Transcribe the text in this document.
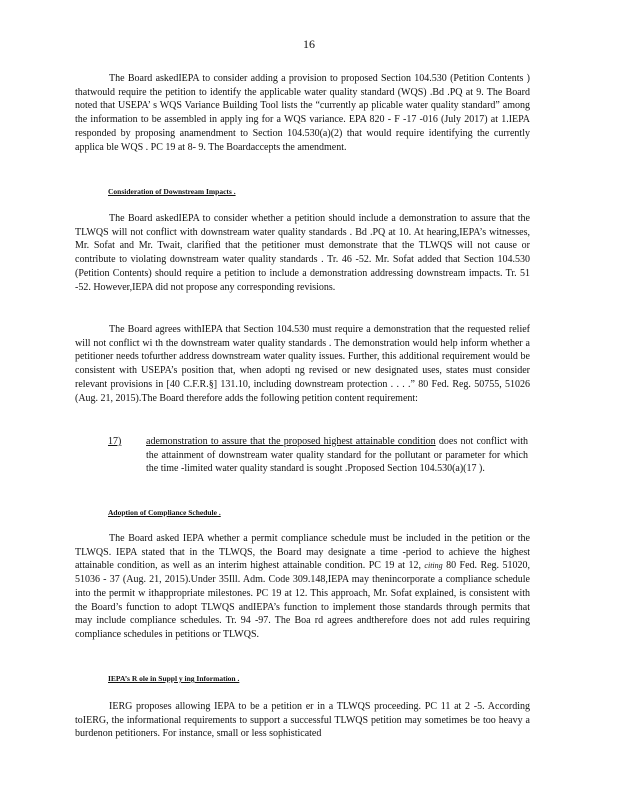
16
The Board askedIEPA to consider adding a provision to proposed Section 104.530 (Petition Contents ) thatwould require the petition to identify the applicable water quality standard (WQS) .Bd .PQ at 9. The Board noted that USEPA’ s WQS Variance Building Tool lists the “currently ap plicable water quality standard” among the information to be assembled in apply ing for a WQS variance. EPA 820 - F -17 -016 (July 2017) at 1.IEPA responded by proposing anamendment to Section 104.530(a)(2) that would require identifying the currently applica ble WQS . PC 19 at 8- 9. The Boardaccepts the amendment.
Consideration of Downstream Impacts .
The Board askedIEPA to consider whether a petition should include a demonstration to assure that the TLWQS will not conflict with downstream water quality standards . Bd .PQ at 10. At hearing,IEPA’s witnesses, Mr. Sofat and Mr. Twait, clarified that the petitioner must demonstrate that the TLWQS will not cause or contribute to violating downstream water quality standards . Tr. 46 -52. Mr. Sofat added that Section 104.530 (Petition Contents) should require a petition to include a demonstration addressing downstream impacts. Tr. 51 -52. However,IEPA did not propose any corresponding revisions.
The Board agrees withIEPA that Section 104.530 must require a demonstration that the requested relief will not conflict wi th the downstream water quality standards . The demonstration would help inform whether a petitioner needs tofurther address downstream water quality issues. Further, this additional requirement would be consistent with USEPA’s position that, when adopti ng revised or new designated uses, states must consider relevant provisions in [40 C.F.R.§] 131.10, including downstream protection . . . .” 80 Fed. Reg. 50755, 51026 (Aug. 21, 2015).The Board therefore adds the following petition content requirement:
17) ademonstration to assure that the proposed highest attainable condition does not conflict with the attainment of downstream water quality standard for the pollutant or parameter for which the time -limited water quality standard is sought .Proposed Section 104.530(a)(17 ).
Adoption of Compliance Schedule .
The Board asked IEPA whether a permit compliance schedule must be included in the petition or the TLWQS. IEPA stated that in the TLWQS, the Board may designate a time -period to achieve the highest attainable condition, as well as an interim highest attainable condition. PC 19 at 12, citing 80 Fed. Reg. 51020, 51036 - 37 (Aug. 21, 2015).Under 35Ill. Adm. Code 309.148,IEPA may thenincorporate a compliance schedule into the permit w ithappropriate milestones. PC 19 at 12. This approach, Mr. Sofat explained, is consistent with the Board’s function to adopt TLWQS andIEPA’s function to implement those standards through permits that may include compliance schedules. Tr. 94 -97. The Boa rd agrees andtherefore does not add rules requiring compliance schedules in petitions or TLWQS.
IEPA’s R ole in Suppl y ing Information .
IERG proposes allowing IEPA to be a petition er in a TLWQS proceeding. PC 11 at 2 -5. According toIERG, the informational requirements to support a successful TLWQS petition may sometimes be too heavy a burdenon petitioners. For instance, small or less sophisticated
